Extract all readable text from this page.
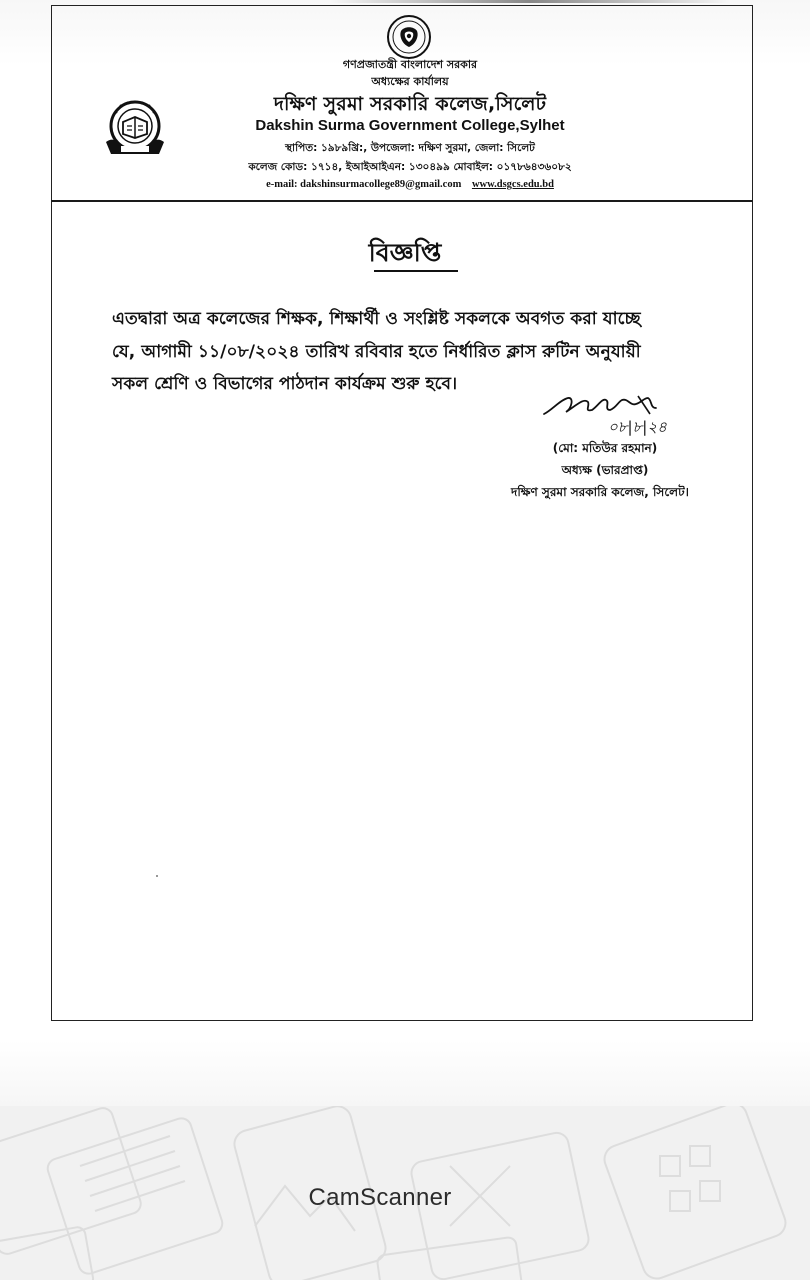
গণপ্রজাতন্ত্রী বাংলাদেশ সরকার
অধ্যক্ষের কার্যালয়
দক্ষিণ সুরমা সরকারি কলেজ,সিলেট
Dakshin Surma Government College,Sylhet
স্থাপিত: ১৯৮৯খ্রি:, উপজেলা: দক্ষিণ সুরমা, জেলা: সিলেট
কলেজ কোড: ১৭১৪, ইআইআইএন: ১৩০৪৯৯ মোবাইল: ০১৭৮৬৪৩৬০৮২
e-mail: dakshinsurmacollege89@gmail.com www.dsgcs.edu.bd
বিজ্ঞপ্তি
এতদ্বারা অত্র কলেজের শিক্ষক, শিক্ষার্থী ও সংশ্লিষ্ট সকলকে অবগত করা যাচ্ছে
যে, আগামী ১১/০৮/২০২৪ তারিখ রবিবার হতে নির্ধারিত ক্লাস রুটিন অনুযায়ী
সকল শ্রেণি ও বিভাগের পাঠদান কার্যক্রম শুরু হবে।
০৮|৮|২৪
(মো: মতিউর রহমান)
অধ্যক্ষ (ভারপ্রাপ্ত)
দক্ষিণ সুরমা সরকারি কলেজ, সিলেট।
CamScanner
